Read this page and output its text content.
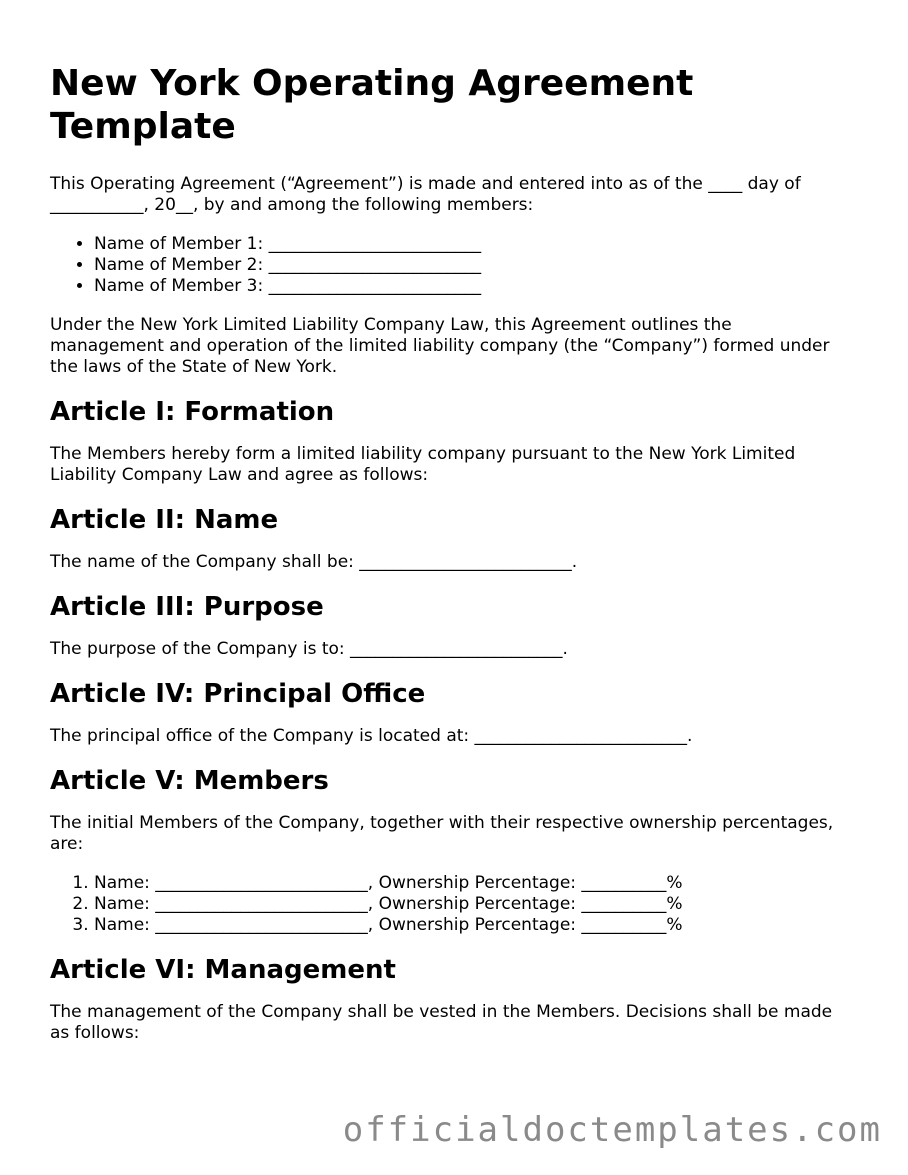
New York Operating Agreement Template

This Operating Agreement (“Agreement”) is made and entered into as of the ____ day of ___________, 20__, by and among the following members:

• Name of Member 1: _________________________
• Name of Member 2: _________________________
• Name of Member 3: _________________________

Under the New York Limited Liability Company Law, this Agreement outlines the management and operation of the limited liability company (the “Company”) formed under the laws of the State of New York.

Article I: Formation

The Members hereby form a limited liability company pursuant to the New York Limited Liability Company Law and agree as follows:

Article II: Name

The name of the Company shall be: _________________________.

Article III: Purpose

The purpose of the Company is to: _________________________.

Article IV: Principal Office

The principal office of the Company is located at: _________________________.

Article V: Members

The initial Members of the Company, together with their respective ownership percentages, are:

1. Name: _________________________, Ownership Percentage: __________%
2. Name: _________________________, Ownership Percentage: __________%
3. Name: _________________________, Ownership Percentage: __________%
Article VI: Management

The management of the Company shall be vested in the Members. Decisions shall be made as follows:

officialdoctemplates.com
